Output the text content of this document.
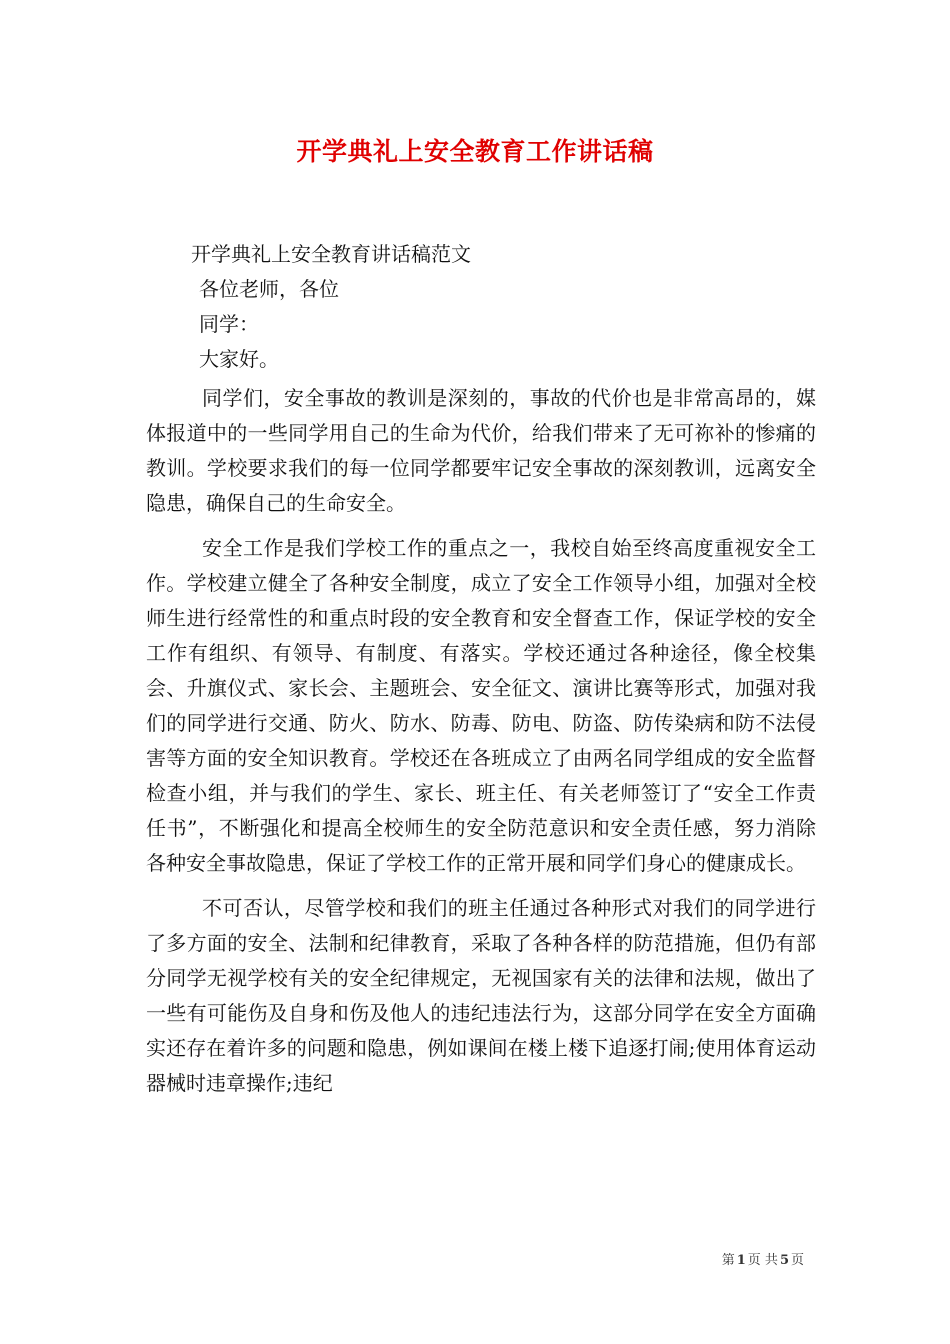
开学典礼上安全教育工作讲话稿

开学典礼上安全教育讲话稿范文

各位老师，各位

同学：

大家好。

同学们，安全事故的教训是深刻的，事故的代价也是非常高昂的，媒体报道中的一些同学用自己的生命为代价，给我们带来了无可祢补的惨痛的教训。学校要求我们的每一位同学都要牢记安全事故的深刻教训，远离安全隐患，确保自己的生命安全。

安全工作是我们学校工作的重点之一，我校自始至终高度重视安全工作。学校建立健全了各种安全制度，成立了安全工作领导小组，加强对全校师生进行经常性的和重点时段的安全教育和安全督查工作，保证学校的安全工作有组织、有领导、有制度、有落实。学校还通过各种途径，像全校集会、升旗仪式、家长会、主题班会、安全征文、演讲比赛等形式，加强对我们的同学进行交通、防火、防水、防毒、防电、防盗、防传染病和防不法侵害等方面的安全知识教育。学校还在各班成立了由两名同学组成的安全监督检查小组，并与我们的学生、家长、班主任、有关老师签订了“安全工作责任书”，不断强化和提高全校师生的安全防范意识和安全责任感，努力消除各种安全事故隐患，保证了学校工作的正常开展和同学们身心的健康成长。

不可否认，尽管学校和我们的班主任通过各种形式对我们的同学进行了多方面的安全、法制和纪律教育，采取了各种各样的防范措施，但仍有部分同学无视学校有关的安全纪律规定，无视国家有关的法律和法规，做出了一些有可能伤及自身和伤及他人的违纪违法行为，这部分同学在安全方面确实还存在着许多的问题和隐患，例如课间在楼上楼下追逐打闹;使用体育运动器械时违章操作;违纪

第 1 页 共 5 页
